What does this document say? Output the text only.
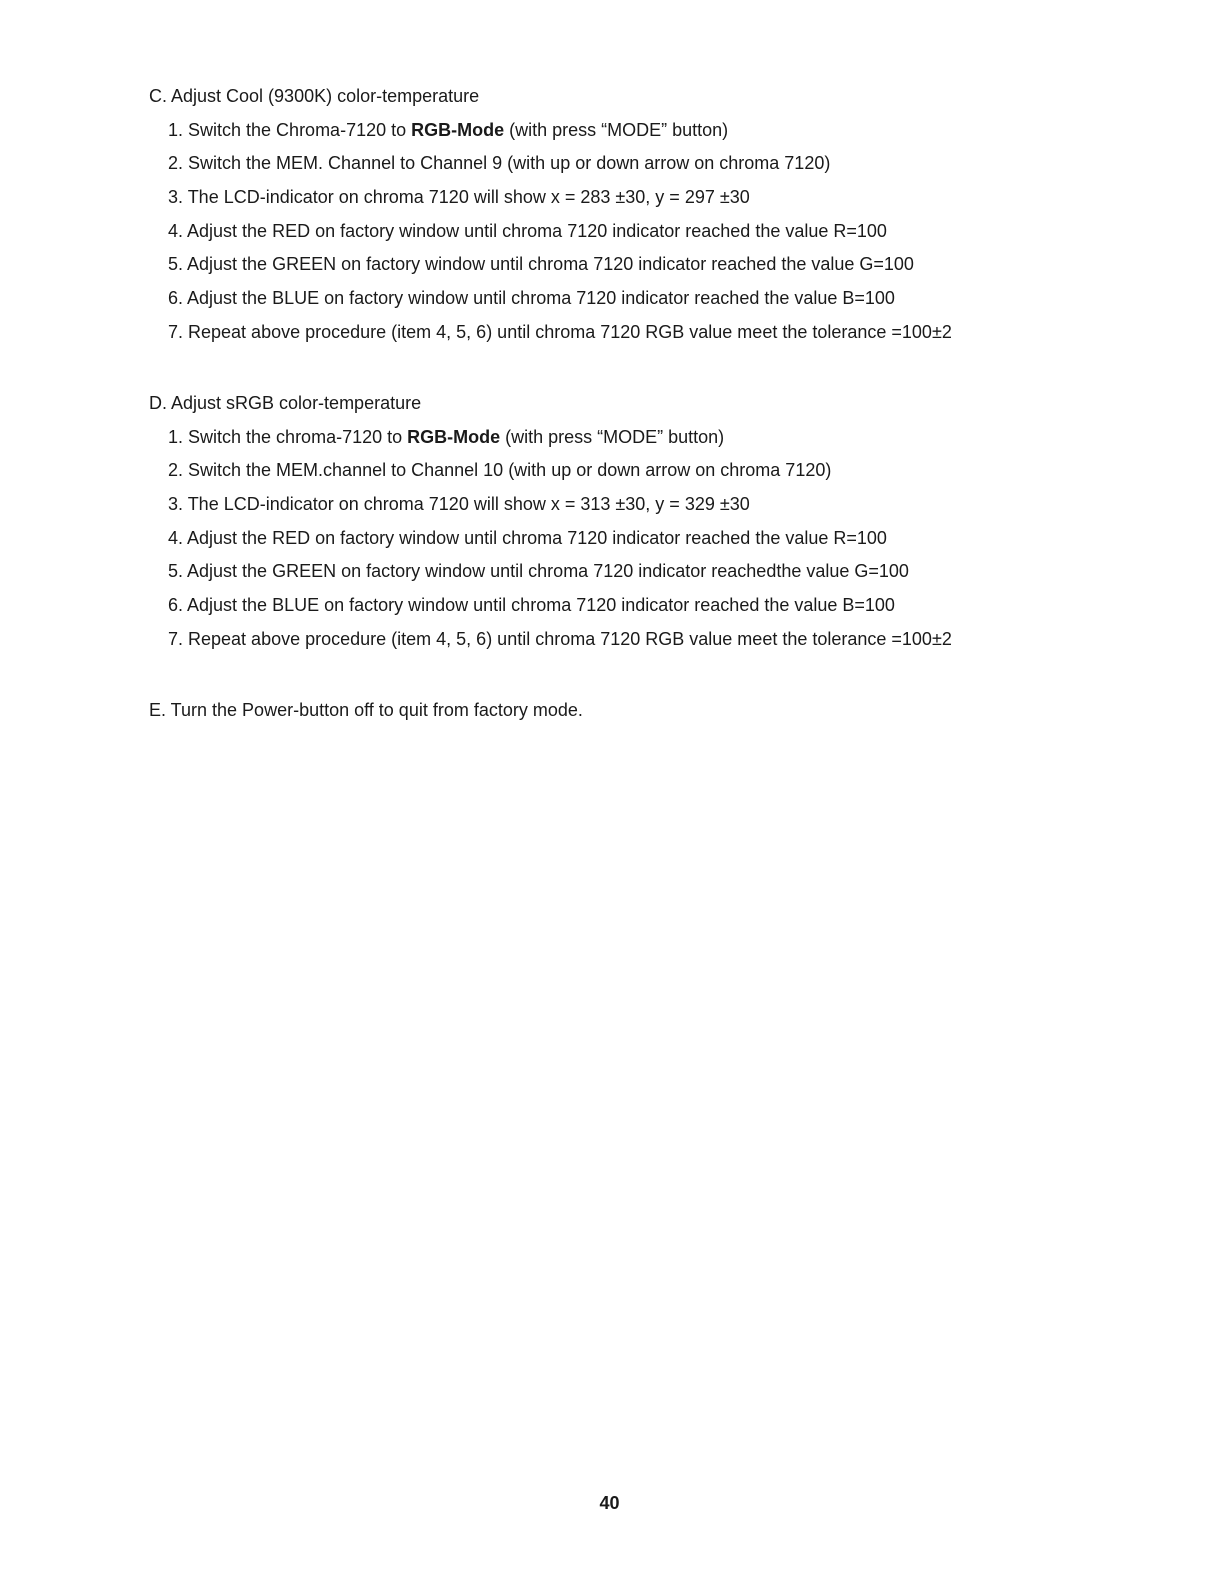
C. Adjust Cool (9300K) color-temperature

1. Switch the Chroma-7120 to RGB-Mode (with press “MODE” button)
2. Switch the MEM. Channel to Channel 9 (with up or down arrow on chroma 7120)
3. The LCD-indicator on chroma 7120 will show x = 283 ±30, y = 297 ±30
4. Adjust the RED on factory window until chroma 7120 indicator reached the value R=100
5. Adjust the GREEN on factory window until chroma 7120 indicator reached the value G=100
6. Adjust the BLUE on factory window until chroma 7120 indicator reached the value B=100
7. Repeat above procedure (item 4, 5, 6) until chroma 7120 RGB value meet the tolerance =100±2

D. Adjust sRGB color-temperature

1. Switch the chroma-7120 to RGB-Mode (with press “MODE” button)
2. Switch the MEM.channel to Channel 10 (with up or down arrow on chroma 7120)
3. The LCD-indicator on chroma 7120 will show x = 313 ±30, y = 329 ±30
4. Adjust the RED on factory window until chroma 7120 indicator reached the value R=100
5. Adjust the GREEN on factory window until chroma 7120 indicator reachedthe value G=100
6. Adjust the BLUE on factory window until chroma 7120 indicator reached the value B=100
7. Repeat above procedure (item 4, 5, 6) until chroma 7120 RGB value meet the tolerance =100±2

E. Turn the Power-button off to quit from factory mode.

40
